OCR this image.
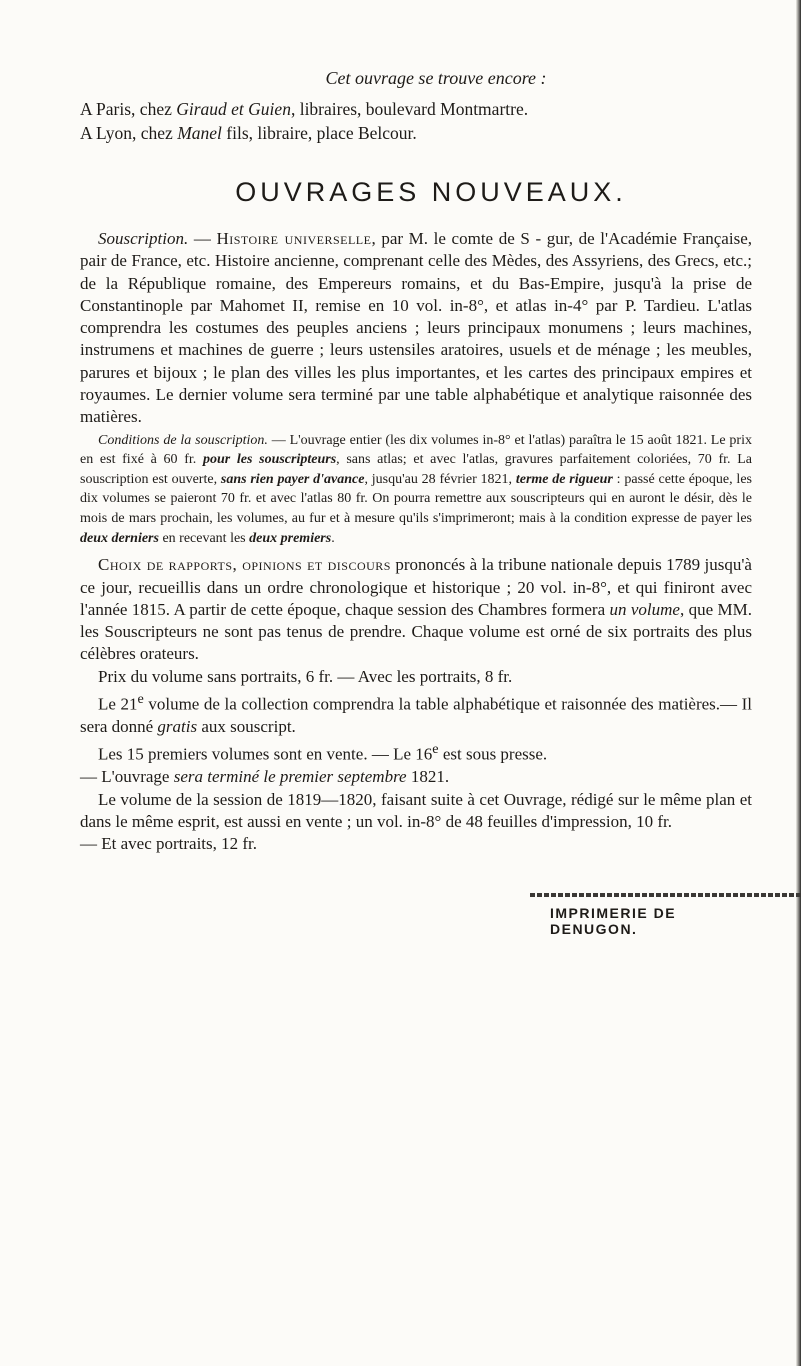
Cet ouvrage se trouve encore :

A Paris, chez Giraud et Guien, libraires, boulevard Montmartre.

A Lyon, chez Manel fils, libraire, place Belcour.

OUVRAGES NOUVEAUX.

Souscription. — Histoire universelle, par M. le comte de S - gur, de l'Académie Française, pair de France, etc. Histoire ancienne, comprenant celle des Mèdes, des Assyriens, des Grecs, etc.; de la République romaine, des Empereurs romains, et du Bas-Empire, jusqu'à la prise de Constantinople par Mahomet II, remise en 10 vol. in-8°, et atlas in-4° par P. Tardieu. L'atlas comprendra les costumes des peuples anciens ; leurs principaux monumens ; leurs machines, instrumens et machines de guerre ; leurs ustensiles aratoires, usuels et de ménage ; les meubles, parures et bijoux ; le plan des villes les plus importantes, et les cartes des principaux empires et royaumes. Le dernier volume sera terminé par une table alphabétique et analytique raisonnée des matières.

Conditions de la souscription. — L'ouvrage entier (les dix volumes in-8° et l'atlas) paraîtra le 15 août 1821. Le prix en est fixé à 60 fr. pour les souscripteurs, sans atlas; et avec l'atlas, gravures parfaitement coloriées, 70 fr. La souscription est ouverte, sans rien payer d'avance, jusqu'au 28 février 1821, terme de rigueur : passé cette époque, les dix volumes se paieront 70 fr. et avec l'atlas 80 fr. On pourra remettre aux souscripteurs qui en auront le désir, dès le mois de mars prochain, les volumes, au fur et à mesure qu'ils s'imprimeront; mais à la condition expresse de payer les deux derniers en recevant les deux premiers.

Choix de rapports, opinions et discours prononcés à la tribune nationale depuis 1789 jusqu'à ce jour, recueillis dans un ordre chronologique et historique ; 20 vol. in-8°, et qui finiront avec l'année 1815. A partir de cette époque, chaque session des Chambres formera un volume, que MM. les Souscripteurs ne sont pas tenus de prendre. Chaque volume est orné de six portraits des plus célèbres orateurs.

Prix du volume sans portraits, 6 fr. — Avec les portraits, 8 fr.

Le 21e volume de la collection comprendra la table alphabétique et raisonnée des matières.— Il sera donné gratis aux souscript.

Les 15 premiers volumes sont en vente. — Le 16e est sous presse.

— L'ouvrage sera terminé le premier septembre 1821.

Le volume de la session de 1819—1820, faisant suite à cet Ouvrage, rédigé sur le même plan et dans le même esprit, est aussi en vente ; un vol. in-8° de 48 feuilles d'impression, 10 fr.

— Et avec portraits, 12 fr.

IMPRIMERIE DE DENUGON.
